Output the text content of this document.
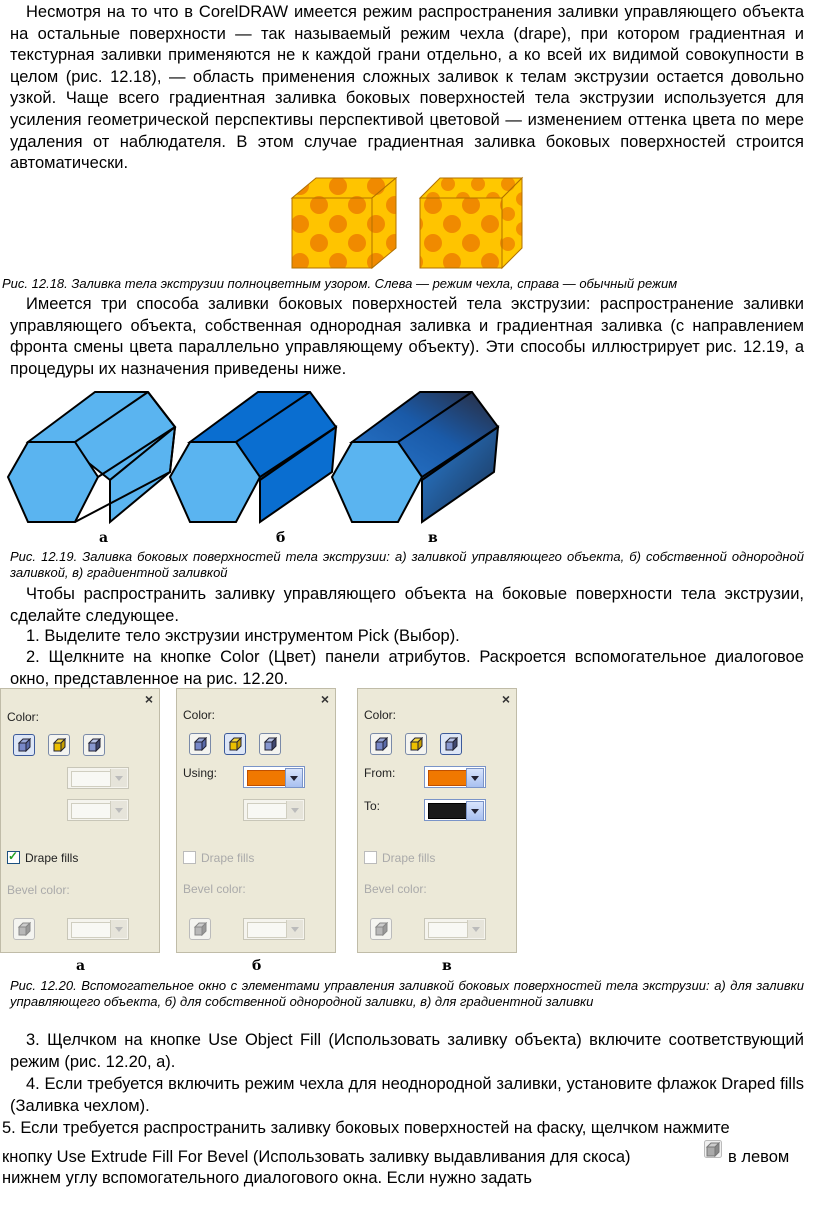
Несмотря на то что в CorelDRAW имеется режим распространения заливки управляющего объекта на остальные поверхности — так называемый режим чехла (drape), при котором градиентная и текстурная заливки применяются не к каждой грани отдельно, а ко всей их видимой совокупности в целом (рис. 12.18), — область применения сложных заливок к телам экструзии остается довольно узкой. Чаще всего градиентная заливка боковых поверхностей тела экструзии используется для усиления геометрической перспективы перспективой цветовой — изменением оттенка цвета по мере удаления от наблюдателя. В этом случае градиентная заливка боковых поверхностей строится автоматически.

Рис. 12.18. Заливка тела экструзии полноцветным узором. Слева — режим чехла, справа — обычный режим

Имеется три способа заливки боковых поверхностей тела экструзии: распространение заливки управляющего объекта, собственная однородная заливка и градиентная заливка (с направлением фронта смены цвета параллельно управляющему объекту). Эти способы иллюстрирует рис. 12.19, а процедуры их назначения приведены ниже.

а	б	в

Рис. 12.19. Заливка боковых поверхностей тела экструзии: а) заливкой управляющего объекта, б) собственной однородной заливкой, в) градиентной заливкой

Чтобы распространить заливку управляющего объекта на боковые поверхности тела экструзии, сделайте следующее.

1. Выделите тело экструзии инструментом Pick (Выбор).

2. Щелкните на кнопке Color (Цвет) панели атрибутов. Раскроется вспомогательное диалоговое окно, представленное на рис. 12.20.

×
Color:
✓
Drape fills
Bevel color:
×
Color:
Using:
Drape fills
Bevel color:
×
Color:
From:
To:
Drape fills
Bevel color:
а	б	в

Рис. 12.20. Вспомогательное окно с элементами управления заливкой боковых поверхностей тела экструзии: а) для заливки управляющего объекта, б) для собственной однородной заливки, в) для градиентной заливки

3. Щелчком на кнопке Use Object Fill (Использовать заливку объекта) включите соответствующий режим (рис. 12.20, а).

4. Если требуется включить режим чехла для неоднородной заливки, установите флажок Draped fills (Заливка чехлом).

5. Если требуется распространить заливку боковых поверхностей на фаску, щелчком нажмите

кнопку Use Extrude Fill For Bevel (Использовать заливку выдавливания для скоса)	в левом

нижнем углу вспомогательного диалогового окна. Если нужно задать
